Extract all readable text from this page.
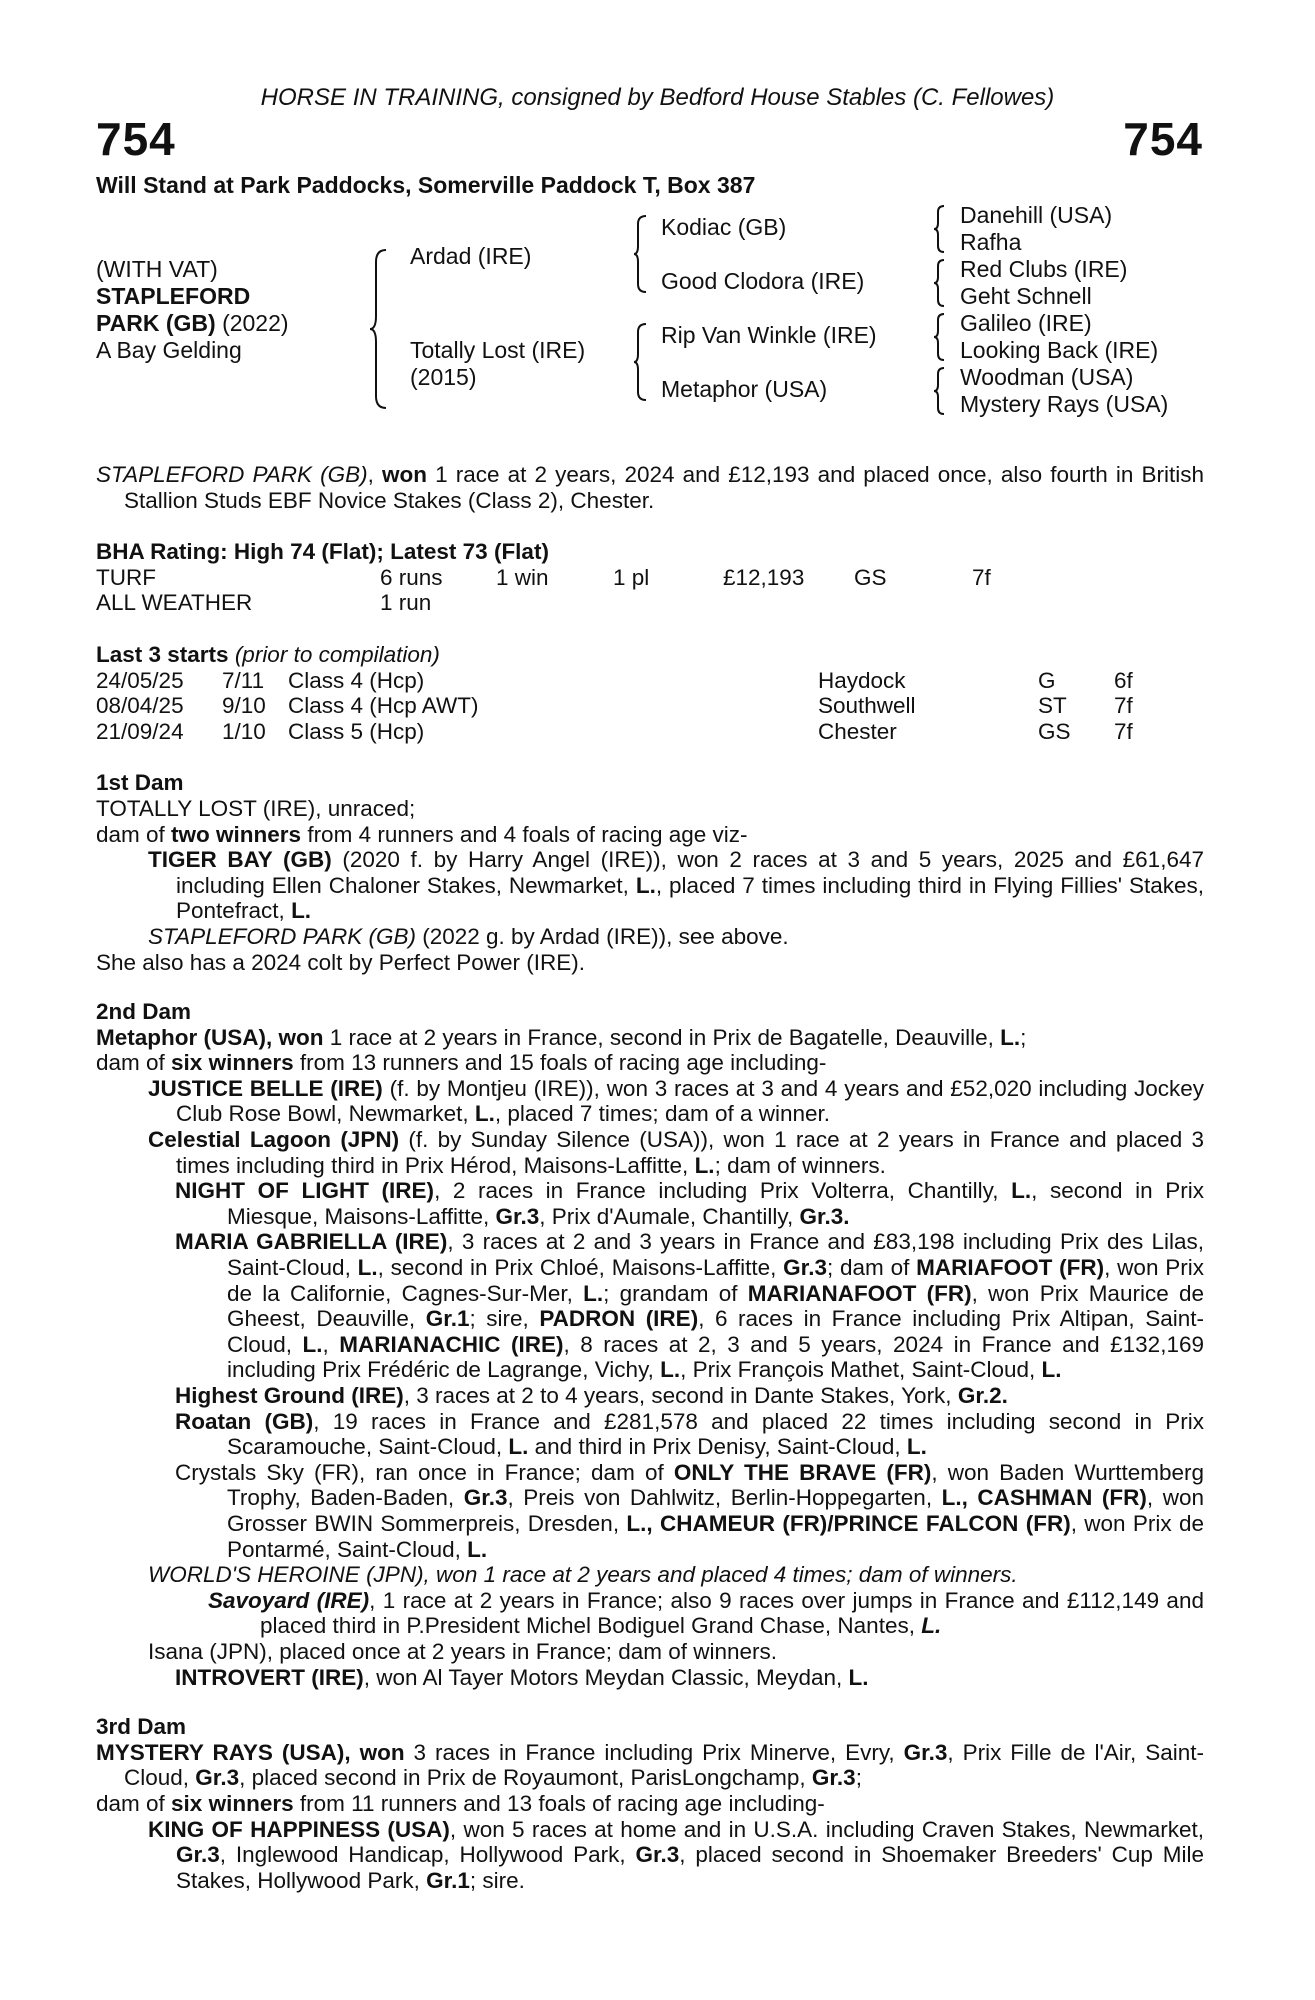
HORSE IN TRAINING, consigned by Bedford House Stables (C. Fellowes)
754	754
Will Stand at Park Paddocks, Somerville Paddock T, Box 387
(WITH VAT)
STAPLEFORD
PARK (GB) (2022)
A Bay Gelding
Ardad (IRE)
Totally Lost (IRE)
(2015)
Kodiac (GB)
Good Clodora (IRE)
Rip Van Winkle (IRE)
Metaphor (USA)
Danehill (USA)
Rafha
Red Clubs (IRE)
Geht Schnell
Galileo (IRE)
Looking Back (IRE)
Woodman (USA)
Mystery Rays (USA)

STAPLEFORD PARK (GB), won 1 race at 2 years, 2024 and £12,193 and placed once, also fourth in British Stallion Studs EBF Novice Stakes (Class 2), Chester.

BHA Rating: High 74 (Flat); Latest 73 (Flat)

TURF	6 runs 1 win	1 pl	£12,193 GS	7f
ALL WEATHER	1 run

Last 3 starts (prior to compilation)

24/05/25 7/11 Class 4 (Hcp)	Haydock	G	6f
08/04/25 9/10 Class 4 (Hcp AWT)	Southwell	ST 7f
21/09/24 1/10 Class 5 (Hcp)	Chester	GS 7f

1st Dam

TOTALLY LOST (IRE), unraced;

dam of two winners from 4 runners and 4 foals of racing age viz-

TIGER BAY (GB) (2020 f. by Harry Angel (IRE)), won 2 races at 3 and 5 years, 2025 and £61,647 including Ellen Chaloner Stakes, Newmarket, L., placed 7 times including third in Flying Fillies' Stakes, Pontefract, L.

STAPLEFORD PARK (GB) (2022 g. by Ardad (IRE)), see above.

She also has a 2024 colt by Perfect Power (IRE).

2nd Dam

Metaphor (USA), won 1 race at 2 years in France, second in Prix de Bagatelle, Deauville, L.;

dam of six winners from 13 runners and 15 foals of racing age including-

JUSTICE BELLE (IRE) (f. by Montjeu (IRE)), won 3 races at 3 and 4 years and £52,020 including Jockey Club Rose Bowl, Newmarket, L., placed 7 times; dam of a winner.

Celestial Lagoon (JPN) (f. by Sunday Silence (USA)), won 1 race at 2 years in France and placed 3 times including third in Prix Hérod, Maisons-Laffitte, L.; dam of winners.

NIGHT OF LIGHT (IRE), 2 races in France including Prix Volterra, Chantilly, L., second in Prix Miesque, Maisons-Laffitte, Gr.3, Prix d'Aumale, Chantilly, Gr.3.

MARIA GABRIELLA (IRE), 3 races at 2 and 3 years in France and £83,198 including Prix des Lilas, Saint-Cloud, L., second in Prix Chloé, Maisons-Laffitte, Gr.3; dam of MARIAFOOT (FR), won Prix de la Californie, Cagnes-Sur-Mer, L.; grandam of MARIANAFOOT (FR), won Prix Maurice de Gheest, Deauville, Gr.1; sire, PADRON (IRE), 6 races in France including Prix Altipan, Saint-Cloud, L., MARIANACHIC (IRE), 8 races at 2, 3 and 5 years, 2024 in France and £132,169 including Prix Frédéric de Lagrange, Vichy, L., Prix François Mathet, Saint-Cloud, L.

Highest Ground (IRE), 3 races at 2 to 4 years, second in Dante Stakes, York, Gr.2.

Roatan (GB), 19 races in France and £281,578 and placed 22 times including second in Prix Scaramouche, Saint-Cloud, L. and third in Prix Denisy, Saint-Cloud, L.

Crystals Sky (FR), ran once in France; dam of ONLY THE BRAVE (FR), won Baden Wurttemberg Trophy, Baden-Baden, Gr.3, Preis von Dahlwitz, Berlin-Hoppegarten, L., CASHMAN (FR), won Grosser BWIN Sommerpreis, Dresden, L., CHAMEUR (FR)/PRINCE FALCON (FR), won Prix de Pontarmé, Saint-Cloud, L.

WORLD'S HEROINE (JPN), won 1 race at 2 years and placed 4 times; dam of winners.

Savoyard (IRE), 1 race at 2 years in France; also 9 races over jumps in France and £112,149 and placed third in P.President Michel Bodiguel Grand Chase, Nantes, L.

Isana (JPN), placed once at 2 years in France; dam of winners.

INTROVERT (IRE), won Al Tayer Motors Meydan Classic, Meydan, L.

3rd Dam

MYSTERY RAYS (USA), won 3 races in France including Prix Minerve, Evry, Gr.3, Prix Fille de l'Air, Saint-Cloud, Gr.3, placed second in Prix de Royaumont, ParisLongchamp, Gr.3;

dam of six winners from 11 runners and 13 foals of racing age including-

KING OF HAPPINESS (USA), won 5 races at home and in U.S.A. including Craven Stakes, Newmarket, Gr.3, Inglewood Handicap, Hollywood Park, Gr.3, placed second in Shoemaker Breeders' Cup Mile Stakes, Hollywood Park, Gr.1; sire.
